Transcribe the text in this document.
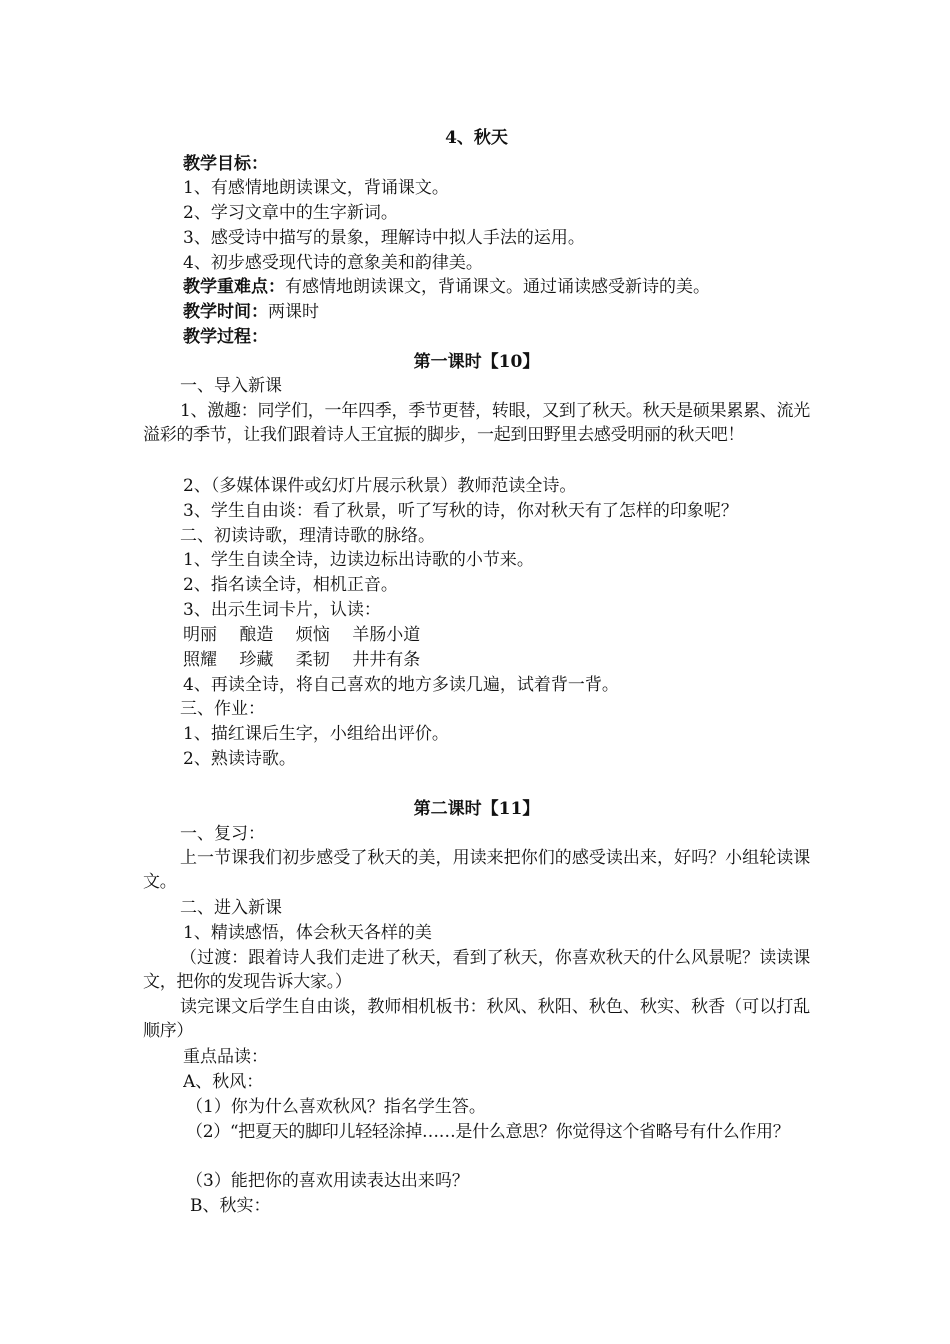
4、秋天
教学目标：
1、有感情地朗读课文，背诵课文。
2、学习文章中的生字新词。
3、感受诗中描写的景象，理解诗中拟人手法的运用。
4、初步感受现代诗的意象美和韵律美。
教学重难点：有感情地朗读课文，背诵课文。通过诵读感受新诗的美。
教学时间：两课时
教学过程：
第一课时【10】
一、导入新课
1、激趣：同学们，一年四季，季节更替，转眼，又到了秋天。秋天是硕果累累、流光溢彩的季节，让我们跟着诗人王宜振的脚步，一起到田野里去感受明丽的秋天吧！
2、（多媒体课件或幻灯片展示秋景）教师范读全诗。
3、学生自由谈：看了秋景，听了写秋的诗，你对秋天有了怎样的印象呢？
二、初读诗歌，理清诗歌的脉络。
1、学生自读全诗，边读边标出诗歌的小节来。
2、指名读全诗，相机正音。
3、出示生词卡片，认读：
明丽　 酿造　 烦恼　 羊肠小道
照耀　 珍藏　 柔韧　 井井有条
4、再读全诗，将自己喜欢的地方多读几遍，试着背一背。
三、作业：
1、描红课后生字，小组给出评价。
2、熟读诗歌。
第二课时【11】
一、复习：
上一节课我们初步感受了秋天的美，用读来把你们的感受读出来，好吗？小组轮读课文。
二、进入新课
1、精读感悟，体会秋天各样的美
（过渡：跟着诗人我们走进了秋天，看到了秋天，你喜欢秋天的什么风景呢？读读课文，把你的发现告诉大家。）
读完课文后学生自由谈，教师相机板书：秋风、秋阳、秋色、秋实、秋香（可以打乱顺序）
重点品读：
A、秋风：
（1）你为什么喜欢秋风？指名学生答。
（2）“把夏天的脚印儿轻轻涂掉……是什么意思？你觉得这个省略号有什么作用？
（3）能把你的喜欢用读表达出来吗？
B、秋实：
